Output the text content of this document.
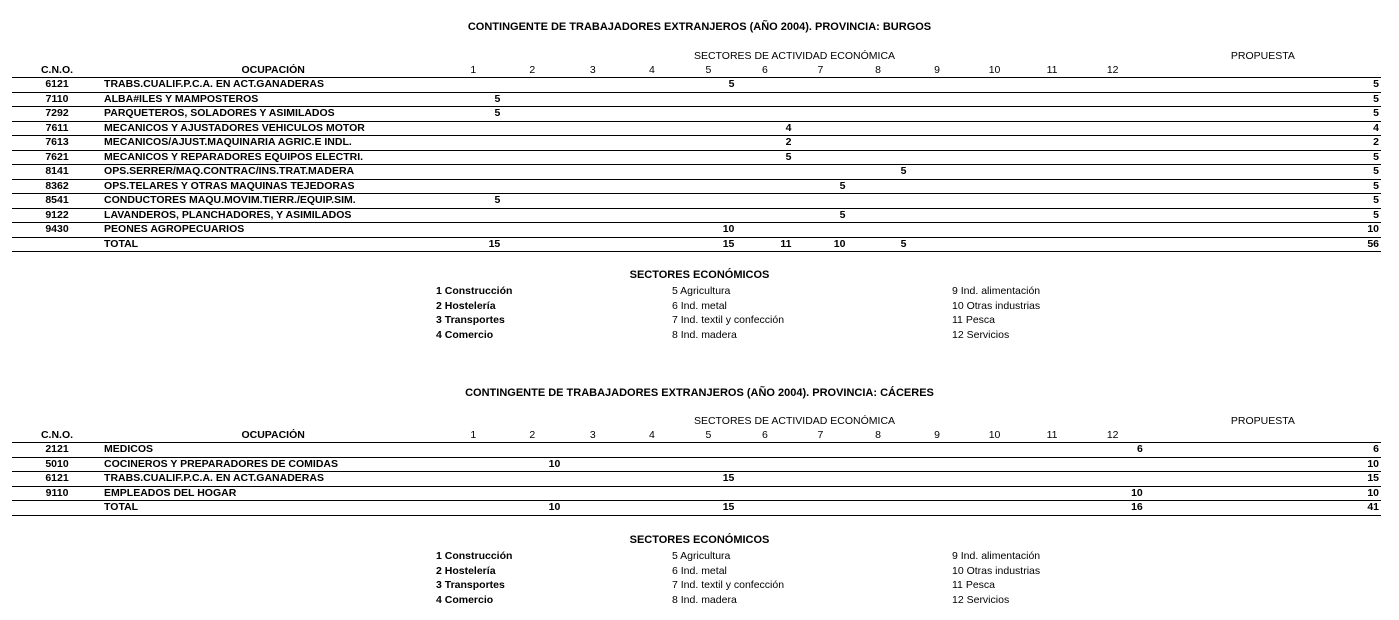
CONTINGENTE DE TRABAJADORES EXTRANJEROS (AÑO 2004). PROVINCIA: BURGOS
		SECTORES DE ACTIVIDAD ECONÓMICA												PROPUESTA
C.N.O.	OCUPACIÓN	1	2	3	4	5	6	7	8	9	10	11	12	
6121	TRABS.CUALIF.P.C.A. EN ACT.GANADERAS					5								5
7110	ALBA#ILES Y MAMPOSTEROS	5												5
7292	PARQUETEROS, SOLADORES Y ASIMILADOS	5												5
7611	MECANICOS Y AJUSTADORES VEHICULOS MOTOR						4							4
7613	MECANICOS/AJUST.MAQUINARIA AGRIC.E INDL.						2							2
7621	MECANICOS Y REPARADORES EQUIPOS ELECTRI.						5							5
8141	OPS.SERRER/MAQ.CONTRAC/INS.TRAT.MADERA								5					5
8362	OPS.TELARES Y OTRAS MAQUINAS TEJEDORAS							5						5
8541	CONDUCTORES MAQU.MOVIM.TIERR./EQUIP.SIM.	5												5
9122	LAVANDEROS, PLANCHADORES, Y ASIMILADOS							5						5
9430	PEONES AGROPECUARIOS					10								10
	TOTAL	15				15	11	10	5					56
SECTORES ECONÓMICOS
1 Construcción
2 Hostelería
3 Transportes
4 Comercio
5 Agricultura
6 Ind. metal
7 Ind. textil y confección
8 Ind. madera
9 Ind. alimentación
10 Otras industrias
11 Pesca
12 Servicios
CONTINGENTE DE TRABAJADORES EXTRANJEROS (AÑO 2004). PROVINCIA: CÁCERES
		SECTORES DE ACTIVIDAD ECONÓMICA												PROPUESTA
C.N.O.	OCUPACIÓN	1	2	3	4	5	6	7	8	9	10	11	12	
2121	MEDICOS												6	6
5010	COCINEROS Y PREPARADORES DE COMIDAS		10											10
6121	TRABS.CUALIF.P.C.A. EN ACT.GANADERAS					15								15
9110	EMPLEADOS DEL HOGAR												10	10
	TOTAL		10			15							16	41
SECTORES ECONÓMICOS
1 Construcción
2 Hostelería
3 Transportes
4 Comercio
5 Agricultura
6 Ind. metal
7 Ind. textil y confección
8 Ind. madera
9 Ind. alimentación
10 Otras industrias
11 Pesca
12 Servicios
